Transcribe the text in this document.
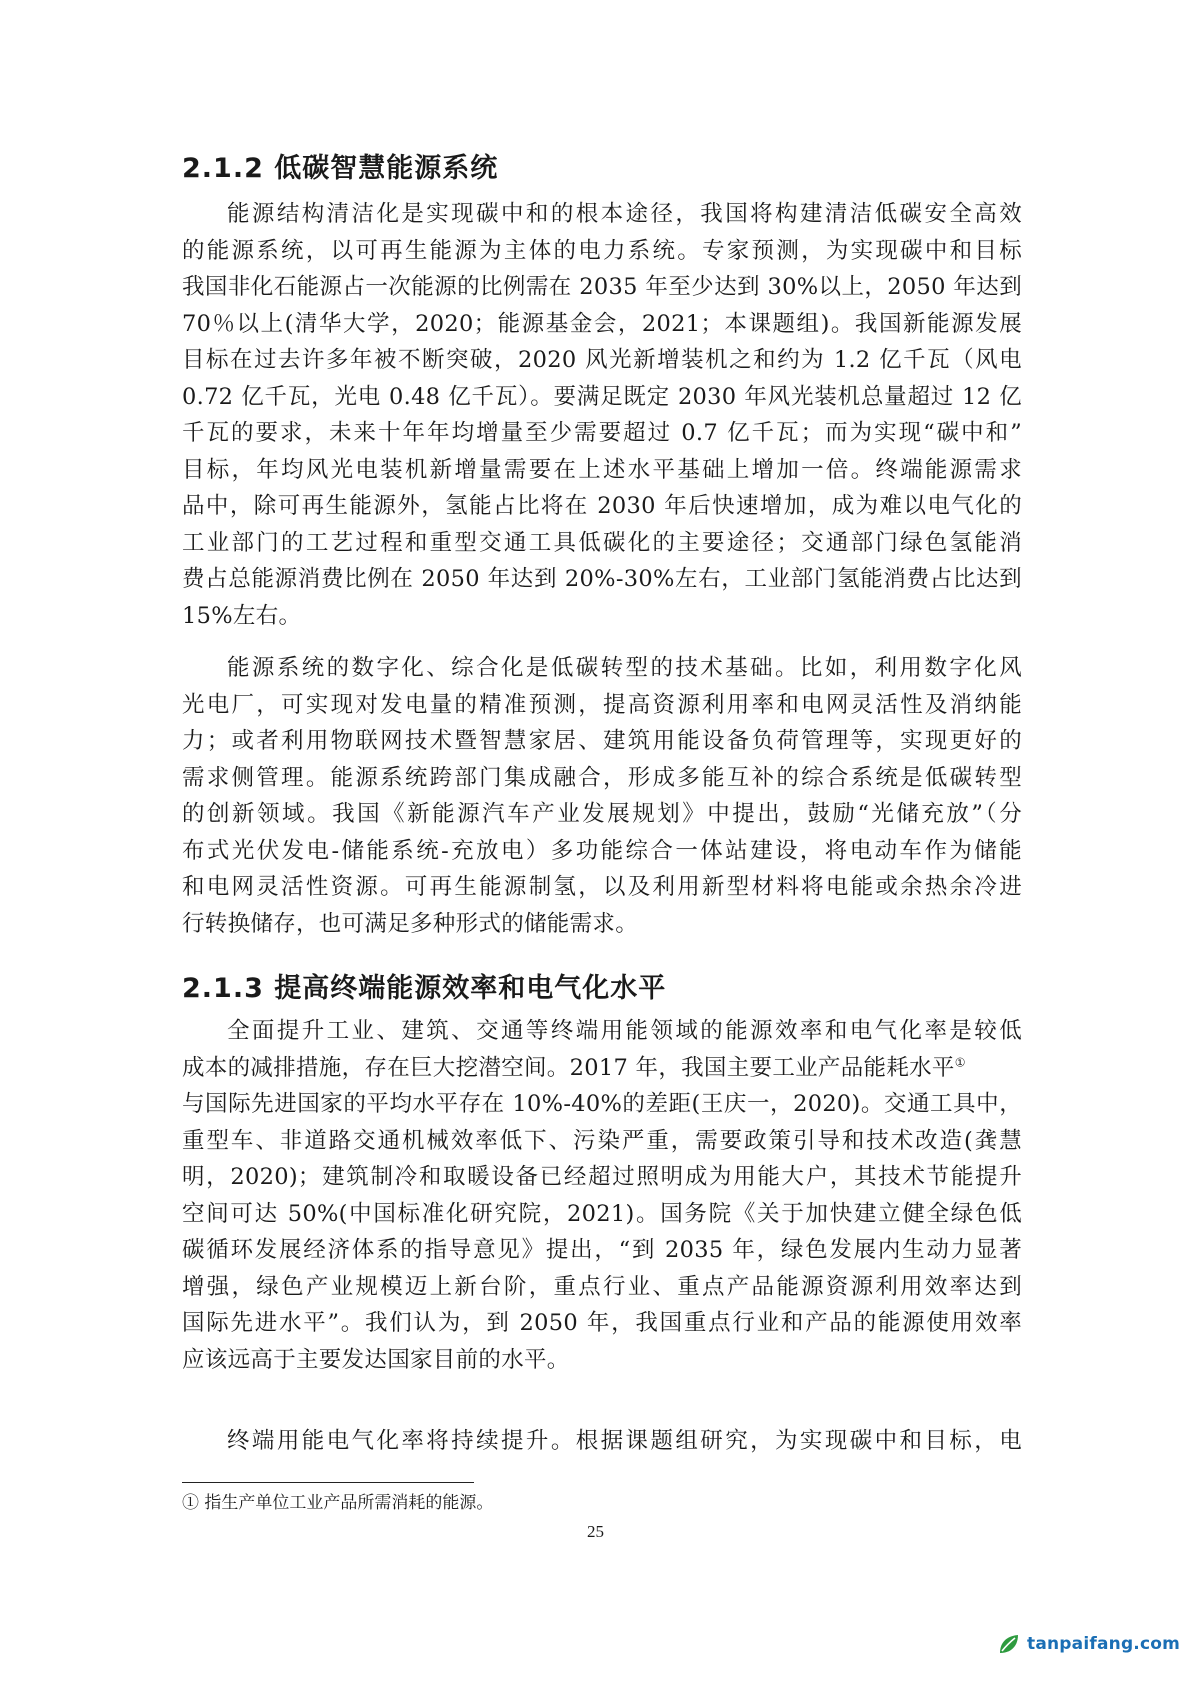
2.1.2 低碳智慧能源系统
能源结构清洁化是实现碳中和的根本途径，我国将构建清洁低碳安全高效
的能源系统，以可再生能源为主体的电力系统。专家预测，为实现碳中和目标
我国非化石能源占一次能源的比例需在 2035 年至少达到 30%以上，2050 年达到
70％以上(清华大学，2020；能源基金会，2021；本课题组)。我国新能源发展
目标在过去许多年被不断突破，2020 风光新增装机之和约为 1.2 亿千瓦（风电
0.72 亿千瓦，光电 0.48 亿千瓦）。要满足既定 2030 年风光装机总量超过 12 亿
千瓦的要求，未来十年年均增量至少需要超过 0.7 亿千瓦；而为实现“碳中和”
目标，年均风光电装机新增量需要在上述水平基础上增加一倍。终端能源需求
品中，除可再生能源外，氢能占比将在 2030 年后快速增加，成为难以电气化的
工业部门的工艺过程和重型交通工具低碳化的主要途径；交通部门绿色氢能消
费占总能源消费比例在 2050 年达到 20%-30%左右，工业部门氢能消费占比达到
15%左右。
能源系统的数字化、综合化是低碳转型的技术基础。比如，利用数字化风
光电厂，可实现对发电量的精准预测，提高资源利用率和电网灵活性及消纳能
力；或者利用物联网技术暨智慧家居、建筑用能设备负荷管理等，实现更好的
需求侧管理。能源系统跨部门集成融合，形成多能互补的综合系统是低碳转型
的创新领域。我国《新能源汽车产业发展规划》中提出，鼓励“光储充放”（分
布式光伏发电-储能系统-充放电）多功能综合一体站建设，将电动车作为储能
和电网灵活性资源。可再生能源制氢，以及利用新型材料将电能或余热余冷进
行转换储存，也可满足多种形式的储能需求。
2.1.3 提高终端能源效率和电气化水平
全面提升工业、建筑、交通等终端用能领域的能源效率和电气化率是较低
成本的减排措施，存在巨大挖潜空间。2017 年，我国主要工业产品能耗水平①
与国际先进国家的平均水平存在 10%-40%的差距(王庆一，2020)。交通工具中，
重型车、非道路交通机械效率低下、污染严重，需要政策引导和技术改造(龚慧
明，2020)；建筑制冷和取暖设备已经超过照明成为用能大户，其技术节能提升
空间可达 50%(中国标准化研究院，2021)。国务院《关于加快建立健全绿色低
碳循环发展经济体系的指导意见》提出，“到 2035 年，绿色发展内生动力显著
增强，绿色产业规模迈上新台阶，重点行业、重点产品能源资源利用效率达到
国际先进水平”。我们认为，到 2050 年，我国重点行业和产品的能源使用效率
应该远高于主要发达国家目前的水平。
终端用能电气化率将持续提升。根据课题组研究，为实现碳中和目标，电
① 指生产单位工业产品所需消耗的能源。
25
tanpaifang.com
